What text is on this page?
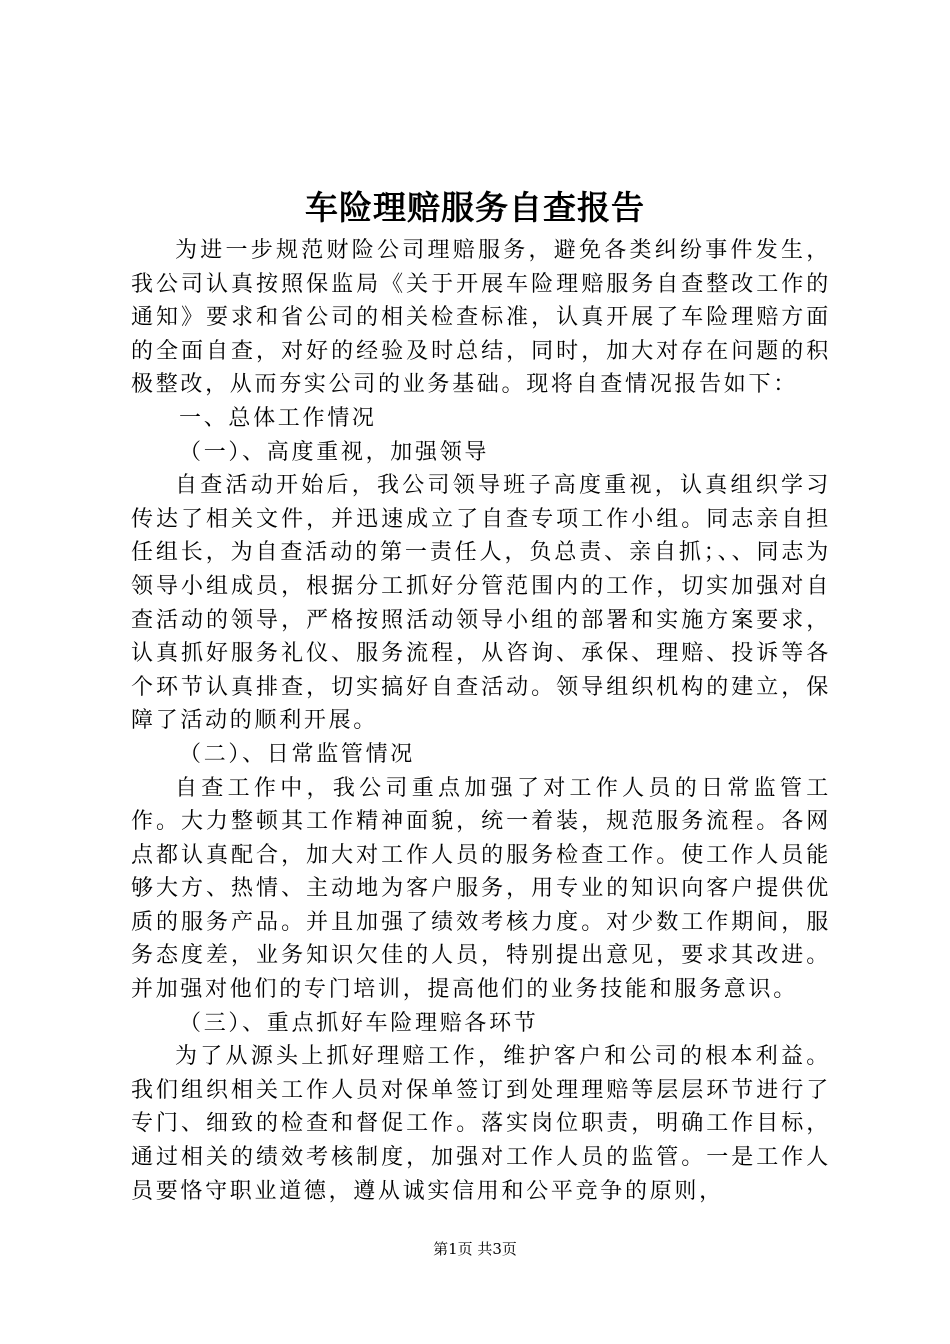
车险理赔服务自查报告

为进一步规范财险公司理赔服务，避免各类纠纷事件发生，我公司认真按照保监局《关于开展车险理赔服务自查整改工作的通知》要求和省公司的相关检查标准，认真开展了车险理赔方面的全面自查，对好的经验及时总结，同时，加大对存在问题的积极整改，从而夯实公司的业务基础。现将自查情况报告如下：

一、总体工作情况

（一）、高度重视，加强领导

自查活动开始后，我公司领导班子高度重视，认真组织学习传达了相关文件，并迅速成立了自查专项工作小组。同志亲自担任组长，为自查活动的第一责任人，负总责、亲自抓；、、同志为领导小组成员，根据分工抓好分管范围内的工作，切实加强对自查活动的领导，严格按照活动领导小组的部署和实施方案要求，认真抓好服务礼仪、服务流程，从咨询、承保、理赔、投诉等各个环节认真排查，切实搞好自查活动。领导组织机构的建立，保障了活动的顺利开展。

（二）、日常监管情况

自查工作中，我公司重点加强了对工作人员的日常监管工作。大力整顿其工作精神面貌，统一着装，规范服务流程。各网点都认真配合，加大对工作人员的服务检查工作。使工作人员能够大方、热情、主动地为客户服务，用专业的知识向客户提供优质的服务产品。并且加强了绩效考核力度。对少数工作期间，服务态度差，业务知识欠佳的人员，特别提出意见，要求其改进。并加强对他们的专门培训，提高他们的业务技能和服务意识。

（三）、重点抓好车险理赔各环节

为了从源头上抓好理赔工作，维护客户和公司的根本利益。我们组织相关工作人员对保单签订到处理理赔等层层环节进行了专门、细致的检查和督促工作。落实岗位职责，明确工作目标，通过相关的绩效考核制度，加强对工作人员的监管。一是工作人员要恪守职业道德，遵从诚实信用和公平竞争的原则，

第1页 共3页
